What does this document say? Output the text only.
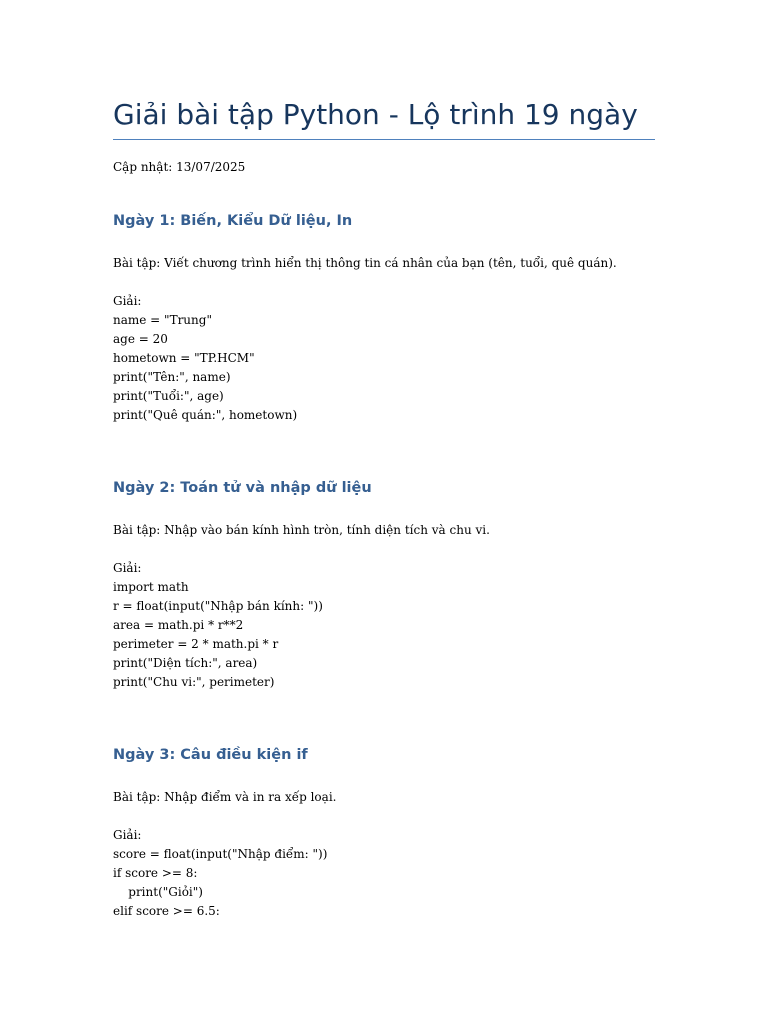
Giải bài tập Python - Lộ trình 19 ngày
Cập nhật: 13/07/2025
Ngày 1: Biến, Kiểu Dữ liệu, In

Bài tập: Viết chương trình hiển thị thông tin cá nhân của bạn (tên, tuổi, quê quán).

Giải:

name = "Trung"
age = 20
hometown = "TP.HCM"
print("Tên:", name)
print("Tuổi:", age)
print("Quê quán:", hometown)
Ngày 2: Toán tử và nhập dữ liệu

Bài tập: Nhập vào bán kính hình tròn, tính diện tích và chu vi.

Giải:

import math
r = float(input("Nhập bán kính: "))
area = math.pi * r**2
perimeter = 2 * math.pi * r
print("Diện tích:", area)
print("Chu vi:", perimeter)
Ngày 3: Câu điều kiện if

Bài tập: Nhập điểm và in ra xếp loại.

Giải:

score = float(input("Nhập điểm: "))
if score >= 8:
print("Giỏi")
elif score >= 6.5:
